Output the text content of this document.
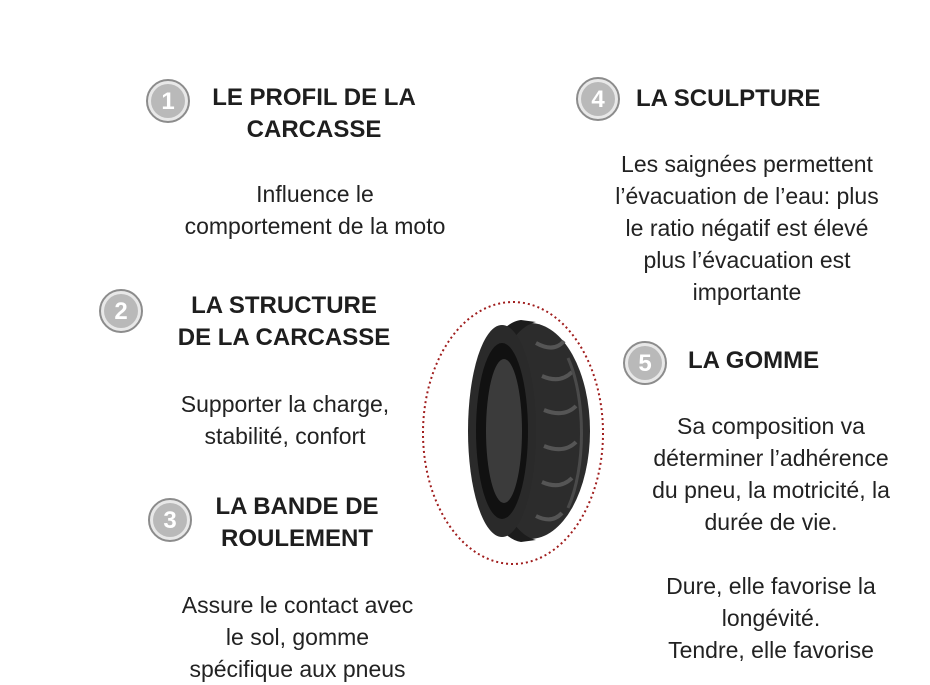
1	LE PROFIL DE LA
CARCASSE
Influence le
comportement de la moto
2	LA STRUCTURE
DE LA CARCASSE
Supporter la charge,
stabilité, confort
3
LA BANDE DE
ROULEMENT
Assure le contact avec
le sol, gomme
spécifique aux pneus
4 LA SCULPTURE
Les saignées permettent
l’évacuation de l’eau: plus
le ratio négatif est élevé
plus l’évacuation est
importante
5 LA GOMME
Sa composition va
déterminer l’adhérence
du pneu, la motricité, la
durée de vie.

Dure, elle favorise la
longévité.
Tendre, elle favorise
